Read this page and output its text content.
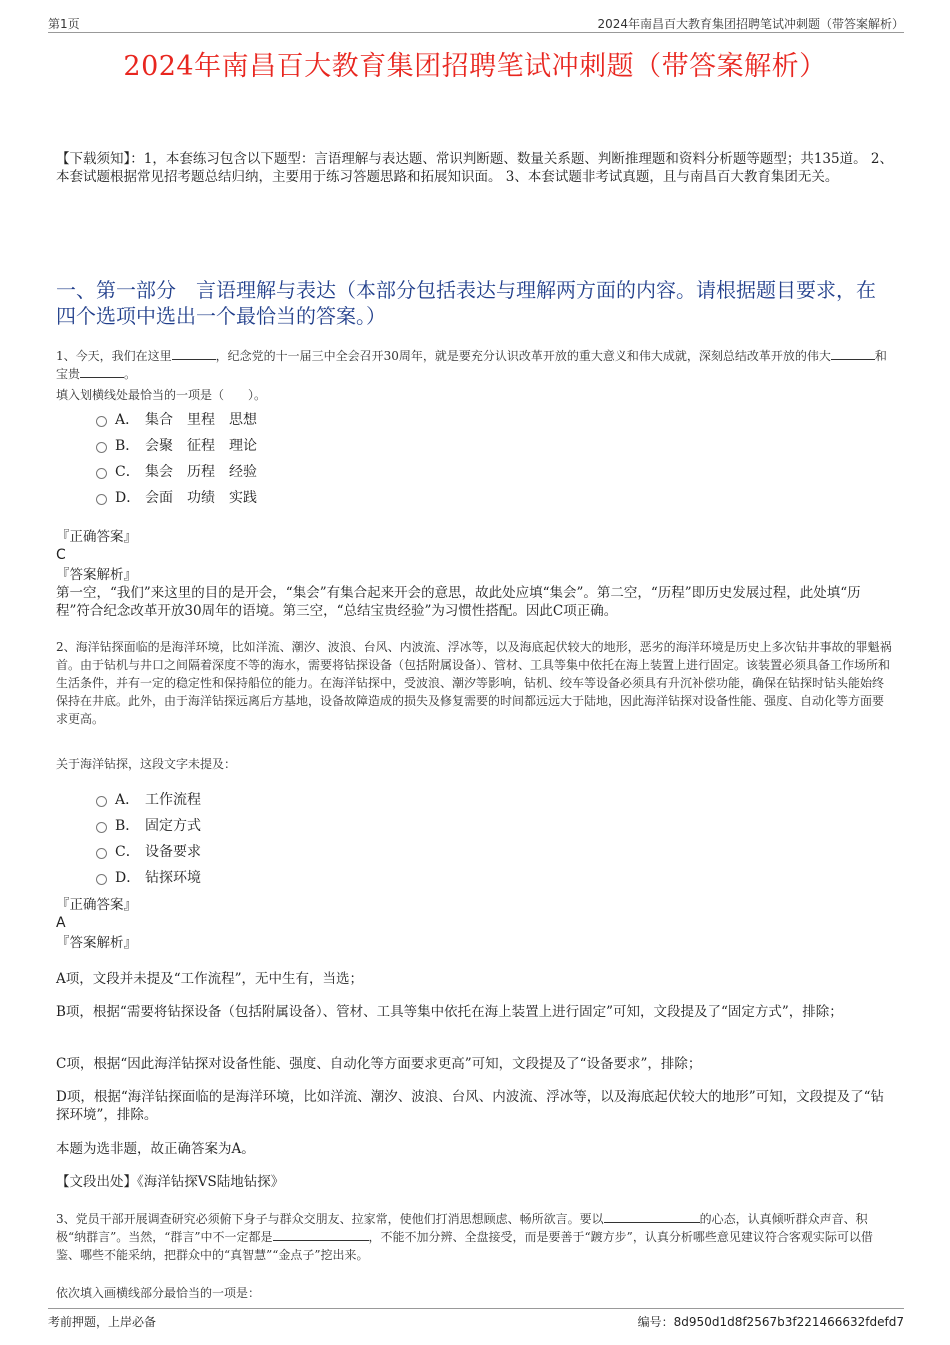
第1页	2024年南昌百大教育集团招聘笔试冲刺题（带答案解析）
2024年南昌百大教育集团招聘笔试冲刺题（带答案解析）
【下载须知】：1，本套练习包含以下题型：言语理解与表达题、常识判断题、数量关系题、判断推理题和资料分析题等题型；共135道。 2、本套试题根据常见招考题总结归纳，主要用于练习答题思路和拓展知识面。 3、本套试题非考试真题，且与南昌百大教育集团无关。
一、第一部分　言语理解与表达（本部分包括表达与理解两方面的内容。请根据题目要求，在四个选项中选出一个最恰当的答案。）
1、今天，我们在这里	，纪念党的十一届三中全会召开30周年，就是要充分认识改革开放的重大意义和伟大成就，深刻总结改革开放的伟大	和宝贵	。
填入划横线处最恰当的一项是（　　）。
A． 集合　里程　思想
B． 会聚　征程　理论
C． 集会　历程　经验
D． 会面　功绩　实践
『正确答案』
C
『答案解析』
第一空，“我们”来这里的目的是开会，“集会”有集合起来开会的意思，故此处应填“集会”。第二空，“历程”即历史发展过程，此处填“历程”符合纪念改革开放30周年的语境。第三空，“总结宝贵经验”为习惯性搭配。因此C项正确。
2、海洋钻探面临的是海洋环境，比如洋流、潮汐、波浪、台风、内波流、浮冰等，以及海底起伏较大的地形，恶劣的海洋环境是历史上多次钻井事故的罪魁祸首。由于钻机与井口之间隔着深度不等的海水，需要将钻探设备（包括附属设备）、管材、工具等集中依托在海上装置上进行固定。该装置必须具备工作场所和生活条件，并有一定的稳定性和保持船位的能力。在海洋钻探中，受波浪、潮汐等影响，钻机、绞车等设备必须具有升沉补偿功能，确保在钻探时钻头能始终保持在井底。此外，由于海洋钻探远离后方基地，设备故障造成的损失及修复需要的时间都远远大于陆地，因此海洋钻探对设备性能、强度、自动化等方面要求更高。
关于海洋钻探，这段文字未提及：
A． 工作流程
B． 固定方式
C． 设备要求
D． 钻探环境
『正确答案』
A
『答案解析』
A项，文段并未提及“工作流程”，无中生有，当选；
B项，根据“需要将钻探设备（包括附属设备）、管材、工具等集中依托在海上装置上进行固定”可知，文段提及了“固定方式”，排除；
C项，根据“因此海洋钻探对设备性能、强度、自动化等方面要求更高”可知，文段提及了“设备要求”，排除；
D项，根据“海洋钻探面临的是海洋环境，比如洋流、潮汐、波浪、台风、内波流、浮冰等，以及海底起伏较大的地形”可知，文段提及了“钻探环境”，排除。
本题为选非题，故正确答案为A。
【文段出处】《海洋钻探VS陆地钻探》
3、党员干部开展调查研究必须俯下身子与群众交朋友、拉家常，使他们打消思想顾虑、畅所欲言。要以	的心态，认真倾听群众声音、积极“纳群言”。当然，“群言”中不一定都是	，不能不加分辨、全盘接受，而是要善于“踱方步”，认真分析哪些意见建议符合客观实际可以借鉴、哪些不能采纳，把群众中的“真智慧”“金点子”挖出来。
依次填入画横线部分最恰当的一项是：
考前押题，上岸必备	编号：8d950d1d8f2567b3f221466632fdefd7
